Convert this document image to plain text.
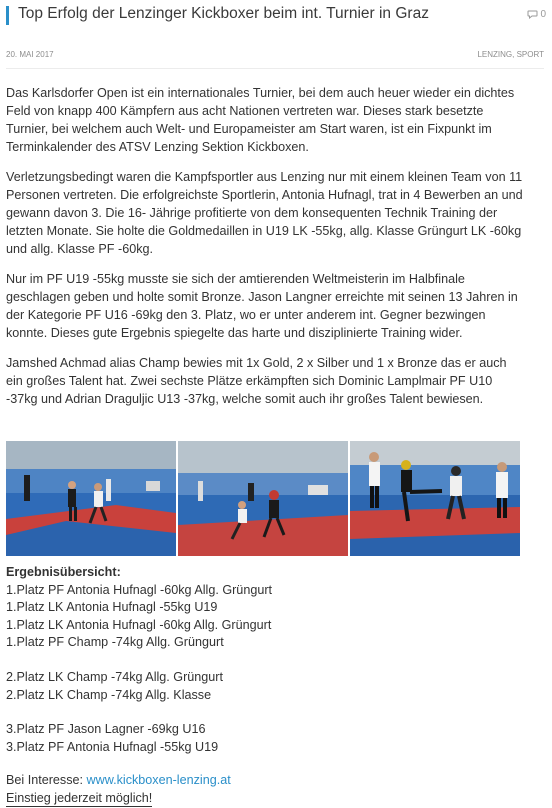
Top Erfolg der Lenzinger Kickboxer beim int. Turnier in Graz	0
20. MAI 2017	LENZING, SPORT

Das Karlsdorfer Open ist ein internationales Turnier, bei dem auch heuer wieder ein dichtes Feld von knapp 400 Kämpfern aus acht Nationen vertreten war. Dieses stark besetzte Turnier, bei welchem auch Welt- und Europameister am Start waren, ist ein Fixpunkt im Terminkalender des ATSV Lenzing Sektion Kickboxen.

Verletzungsbedingt waren die Kampfsportler aus Lenzing nur mit einem kleinen Team von 11 Personen vertreten. Die erfolgreichste Sportlerin, Antonia Hufnagl, trat in 4 Bewerben an und gewann davon 3. Die 16- Jährige profitierte von dem konsequenten Technik Training der letzten Monate. Sie holte die Goldmedaillen in U19 LK -55kg, allg. Klasse Grüngurt LK -60kg und allg. Klasse PF -60kg.

Nur im PF U19 -55kg musste sie sich der amtierenden Weltmeisterin im Halbfinale geschlagen geben und holte somit Bronze. Jason Langner erreichte mit seinen 13 Jahren in der Kategorie PF U16 -69kg den 3. Platz, wo er unter anderem int. Gegner bezwingen konnte. Dieses gute Ergebnis spiegelte das harte und disziplinierte Training wider.

Jamshed Achmad alias Champ bewies mit 1x Gold, 2 x Silber und 1 x Bronze das er auch ein großes Talent hat. Zwei sechste Plätze erkämpften sich Dominic Lamplmair PF U10 -37kg und Adrian Draguljic U13 -37kg, welche somit auch ihr großes Talent bewiesen.

Ergebnisübersicht:
1.Platz PF Antonia Hufnagl -60kg Allg. Grüngurt
1.Platz LK Antonia Hufnagl -55kg U19
1.Platz LK Antonia Hufnagl -60kg Allg. Grüngurt
1.Platz PF Champ -74kg Allg. Grüngurt
2.Platz LK Champ -74kg Allg. Grüngurt
2.Platz LK Champ -74kg Allg. Klasse
3.Platz PF Jason Lagner -69kg U16
3.Platz PF Antonia Hufnagl -55kg U19
Bei Interesse: www.kickboxen-lenzing.at
Einstieg jederzeit möglich!
